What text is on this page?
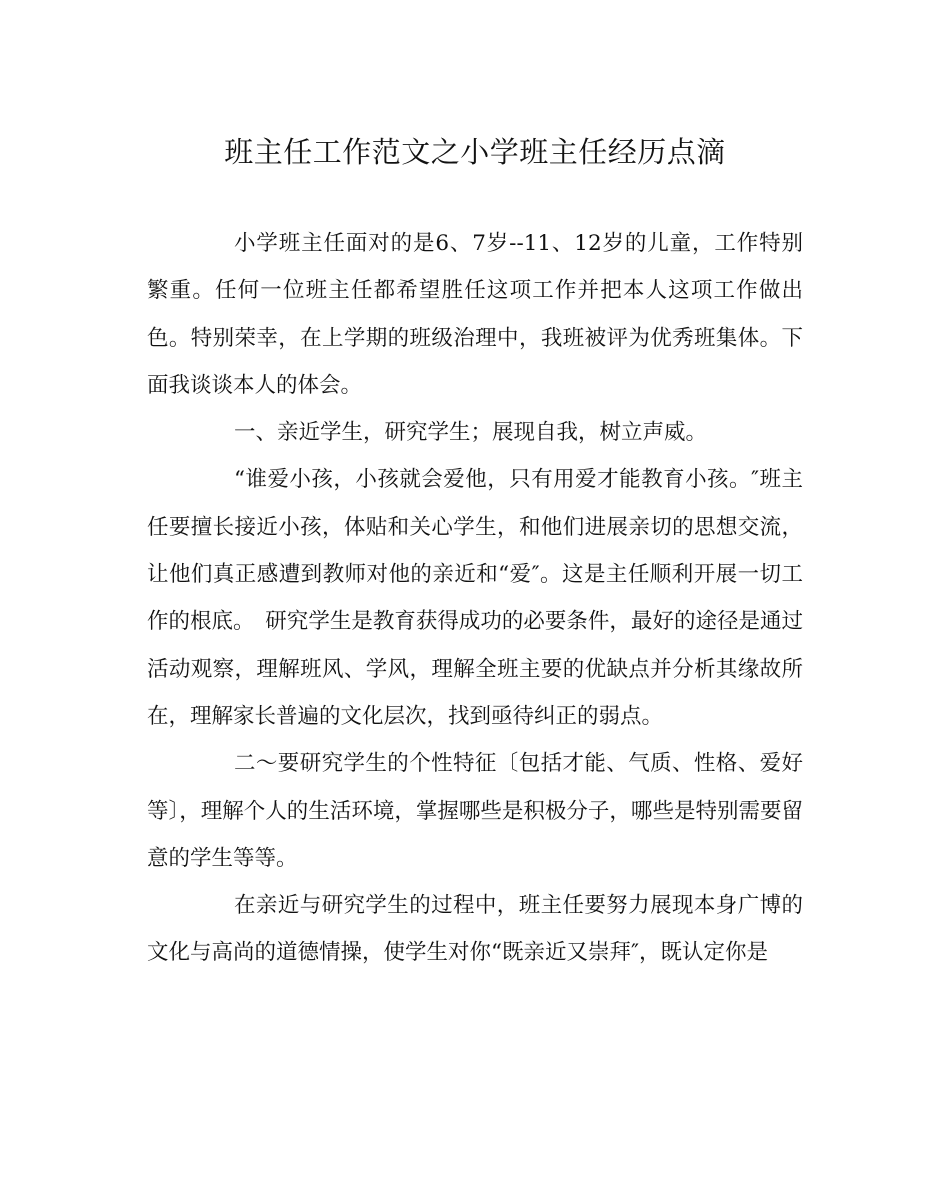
班主任工作范文之小学班主任经历点滴

小学班主任面对的是6、7岁--11、12岁的儿童，工作特别繁重。任何一位班主任都希望胜任这项工作并把本人这项工作做出色。特别荣幸，在上学期的班级治理中，我班被评为优秀班集体。下面我谈谈本人的体会。

一、亲近学生，研究学生；展现自我，树立声威。

“谁爱小孩，小孩就会爱他，只有用爱才能教育小孩。″班主任要擅长接近小孩，体贴和关心学生，和他们进展亲切的思想交流，让他们真正感遭到教师对他的亲近和“爱″。这是主任顺利开展一切工作的根底。　研究学生是教育获得成功的必要条件，最好的途径是通过活动观察，理解班风、学风，理解全班主要的优缺点并分析其缘故所在，理解家长普遍的文化层次，找到亟待纠正的弱点。

二～要研究学生的个性特征〔包括才能、气质、性格、爱好等〕，理解个人的生活环境，掌握哪些是积极分子，哪些是特别需要留意的学生等等。

在亲近与研究学生的过程中，班主任要努力展现本身广博的文化与高尚的道德情操，使学生对你“既亲近又崇拜″，既认定你是
